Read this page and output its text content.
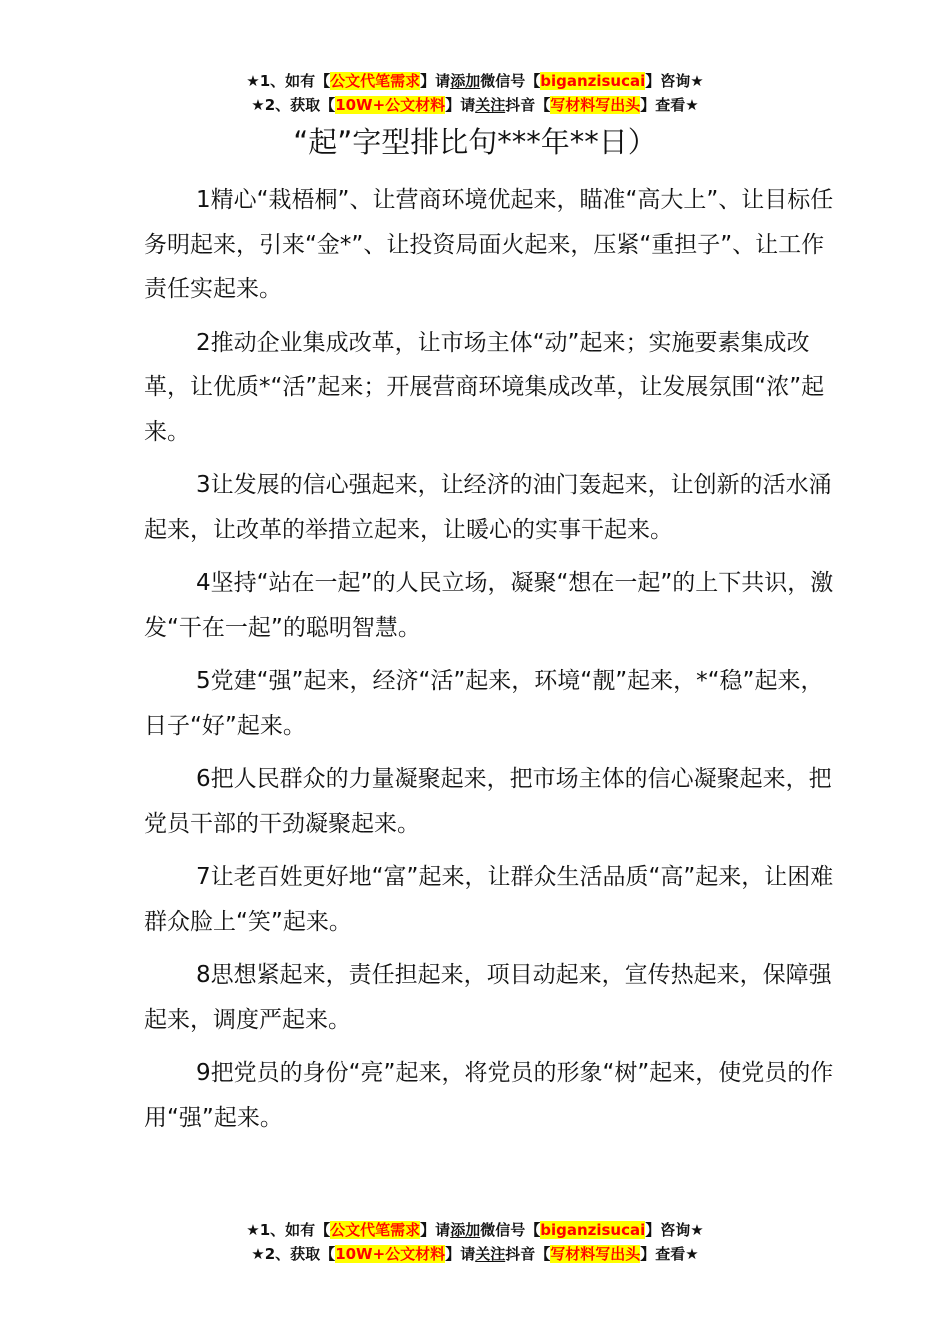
★1、如有【公文代笔需求】请添加微信号【biganzisucai】咨询★
★2、获取【10W+公文材料】请关注抖音【写材料写出头】查看★
“起”字型排比句***年**日）

1精心“栽梧桐”、让营商环境优起来，瞄准“高大上”、让目标任务明起来，引来“金*”、让投资局面火起来，压紧“重担子”、让工作责任实起来。

2推动企业集成改革，让市场主体“动”起来；实施要素集成改革，让优质*“活”起来；开展营商环境集成改革，让发展氛围“浓”起来。

3让发展的信心强起来，让经济的油门轰起来，让创新的活水涌起来，让改革的举措立起来，让暖心的实事干起来。

4坚持“站在一起”的人民立场，凝聚“想在一起”的上下共识，激发“干在一起”的聪明智慧。

5党建“强”起来，经济“活”起来，环境“靓”起来，*“稳”起来，日子“好”起来。

6把人民群众的力量凝聚起来，把市场主体的信心凝聚起来，把党员干部的干劲凝聚起来。

7让老百姓更好地“富”起来，让群众生活品质“高”起来，让困难群众脸上“笑”起来。

8思想紧起来，责任担起来，项目动起来，宣传热起来，保障强起来，调度严起来。

9把党员的身份“亮”起来，将党员的形象“树”起来，使党员的作用“强”起来。

★1、如有【公文代笔需求】请添加微信号【biganzisucai】咨询★
★2、获取【10W+公文材料】请关注抖音【写材料写出头】查看★
